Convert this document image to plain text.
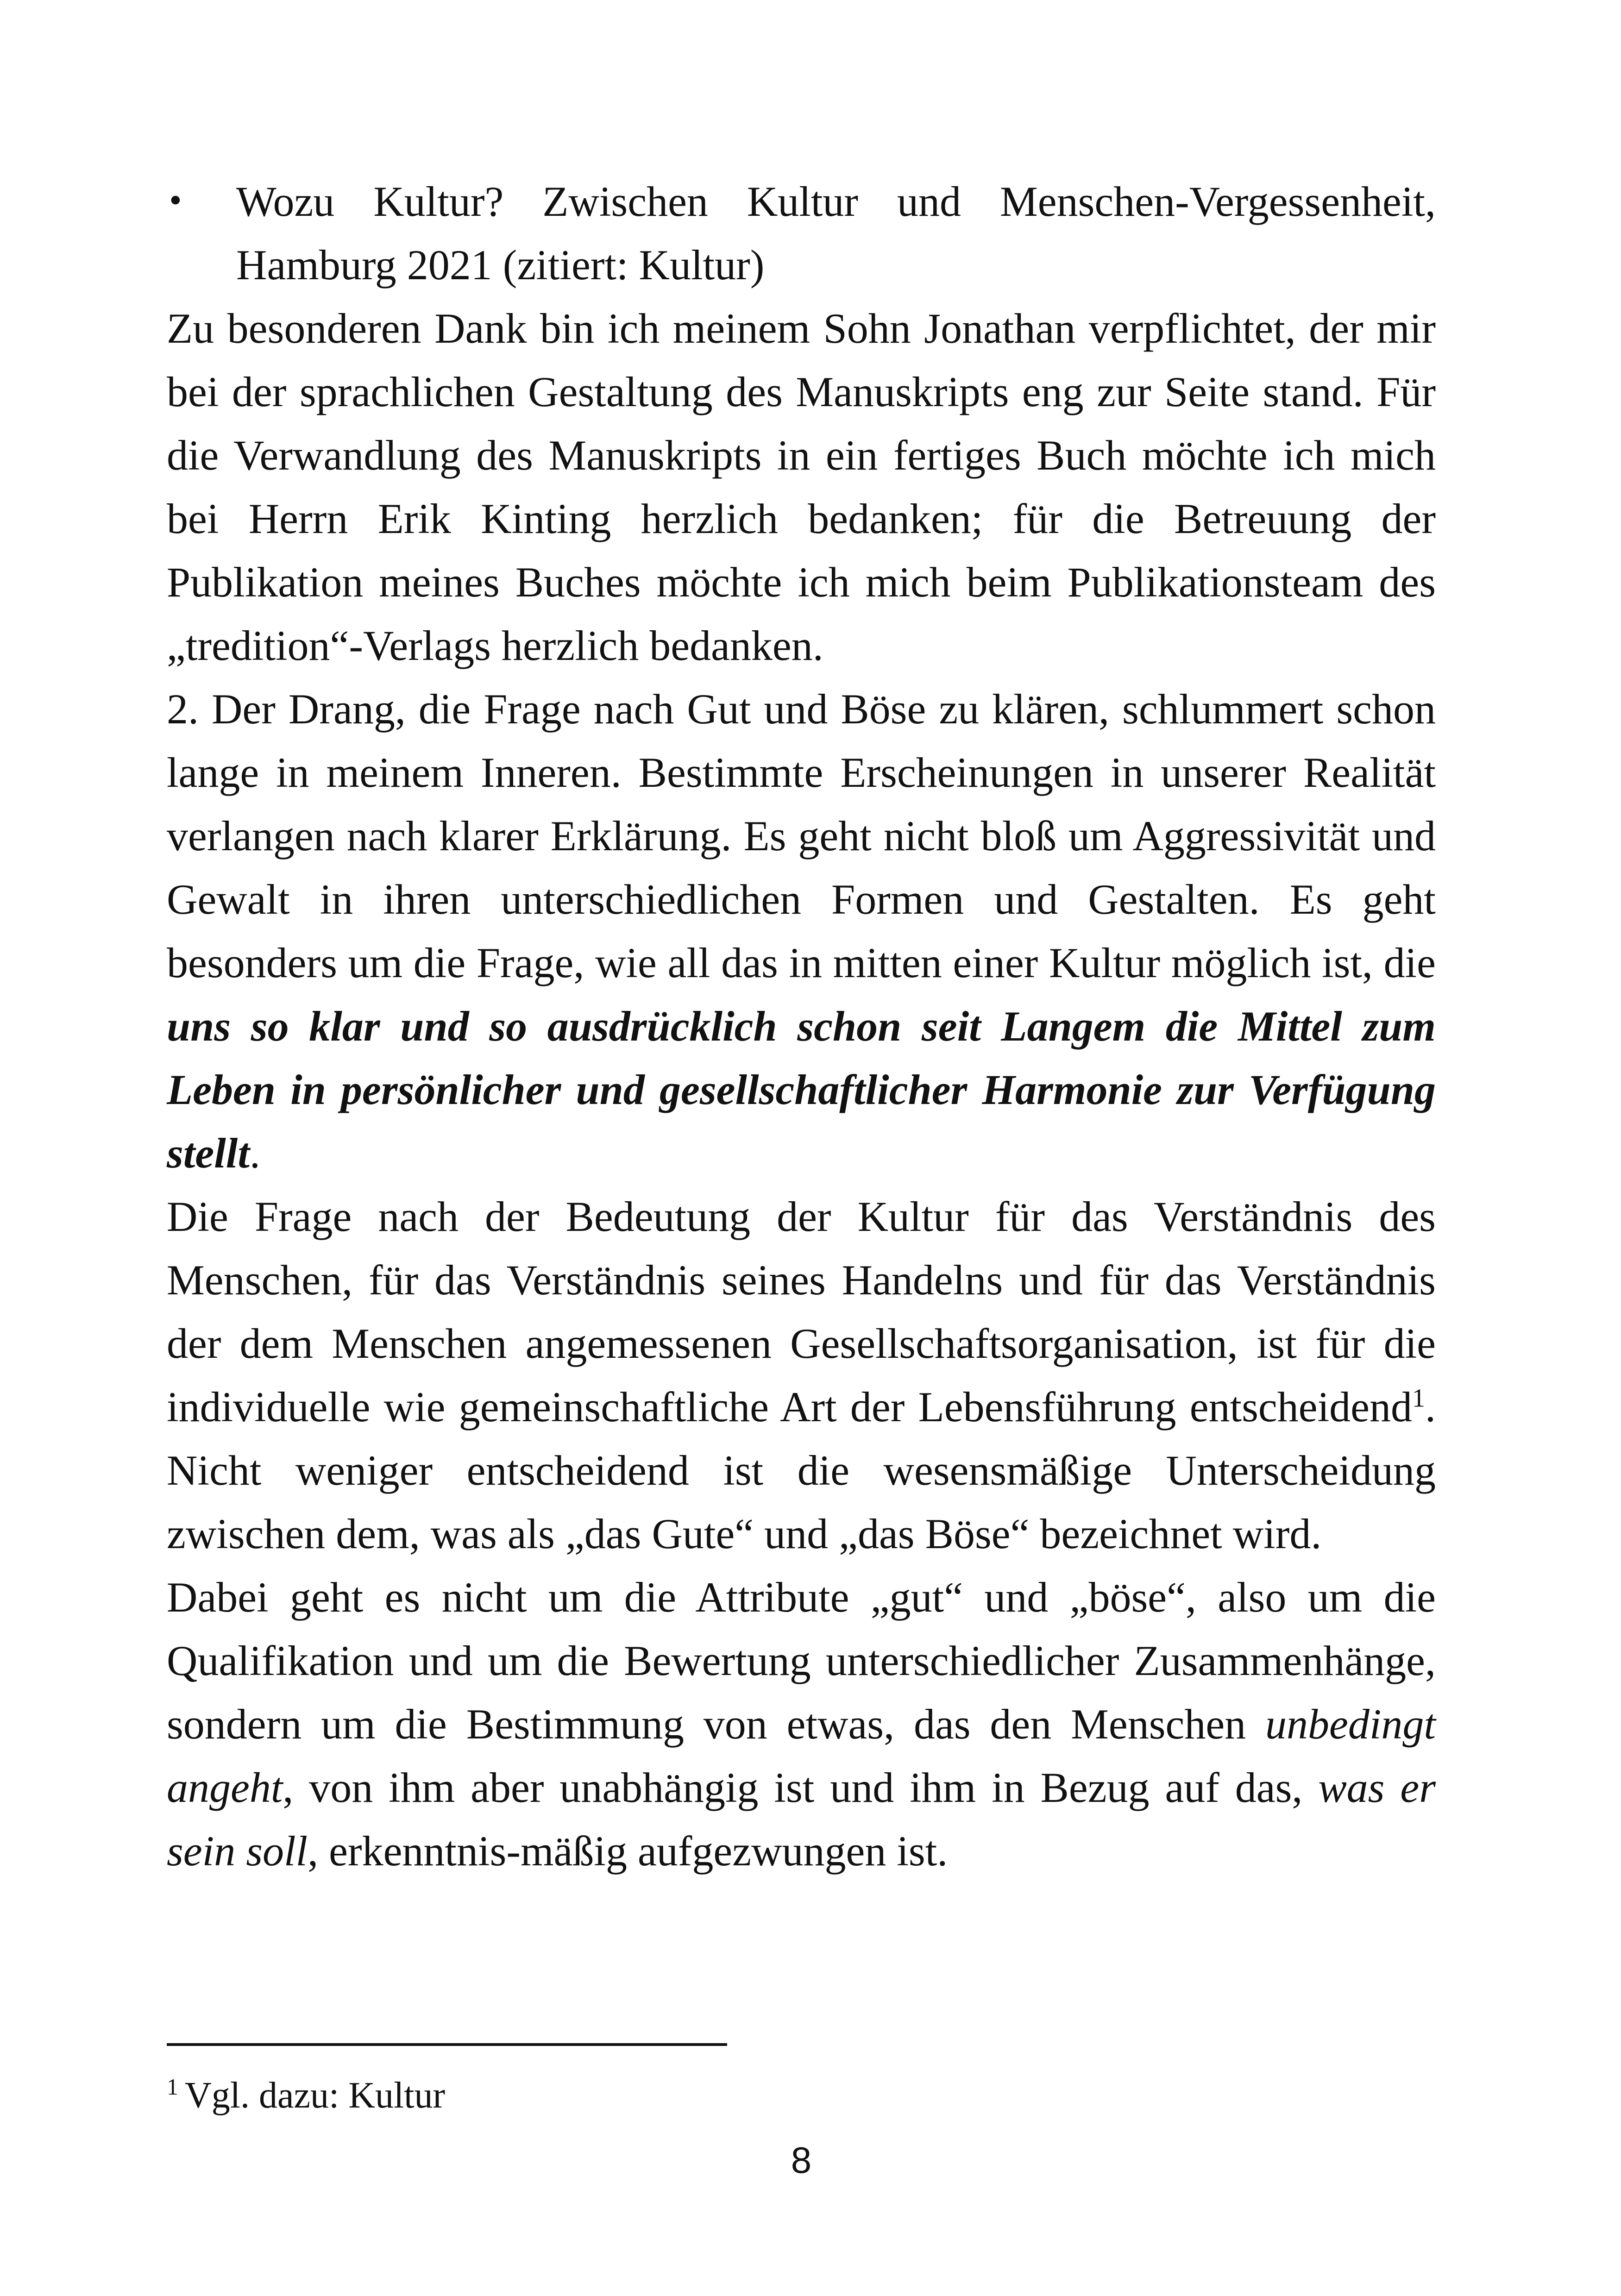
•	Wozu Kultur? Zwischen Kultur und Menschen-Vergessenheit, Hamburg 2021 (zitiert: Kultur)

Zu besonderen Dank bin ich meinem Sohn Jonathan verpflichtet, der mir bei der sprachlichen Gestaltung des Manuskripts eng zur Seite stand. Für die Verwandlung des Manuskripts in ein fertiges Buch möchte ich mich bei Herrn Erik Kinting herzlich bedanken; für die Betreuung der Publikation meines Buches möchte ich mich beim Publikationsteam des „tredition“-Verlags herzlich bedanken.

2. Der Drang, die Frage nach Gut und Böse zu klären, schlummert schon lange in meinem Inneren. Bestimmte Erscheinungen in unserer Realität verlangen nach klarer Erklärung. Es geht nicht bloß um Aggressivität und Gewalt in ihren unterschiedlichen Formen und Gestalten. Es geht besonders um die Frage, wie all das in mitten einer Kultur möglich ist, die uns so klar und so ausdrücklich schon seit Langem die Mittel zum Leben in persönlicher und gesellschaftlicher Harmonie zur Verfügung stellt.

Die Frage nach der Bedeutung der Kultur für das Verständnis des Menschen, für das Verständnis seines Handelns und für das Verständnis der dem Menschen angemessenen Gesellschaftsorganisation, ist für die individuelle wie gemeinschaftliche Art der Lebensführung entscheidend$^1$. Nicht weniger entscheidend ist die wesensmäßige Unterscheidung zwischen dem, was als „das Gute“ und „das Böse“ bezeichnet wird.

Dabei geht es nicht um die Attribute „gut“ und „böse“, also um die Qualifikation und um die Bewertung unterschiedlicher Zusammenhänge, sondern um die Bestimmung von etwas, das den Menschen unbedingt angeht, von ihm aber unabhängig ist und ihm in Bezug auf das, was er sein soll, erkenntnis-mäßig aufgezwungen ist.

$^1$ Vgl. dazu: Kultur
8
